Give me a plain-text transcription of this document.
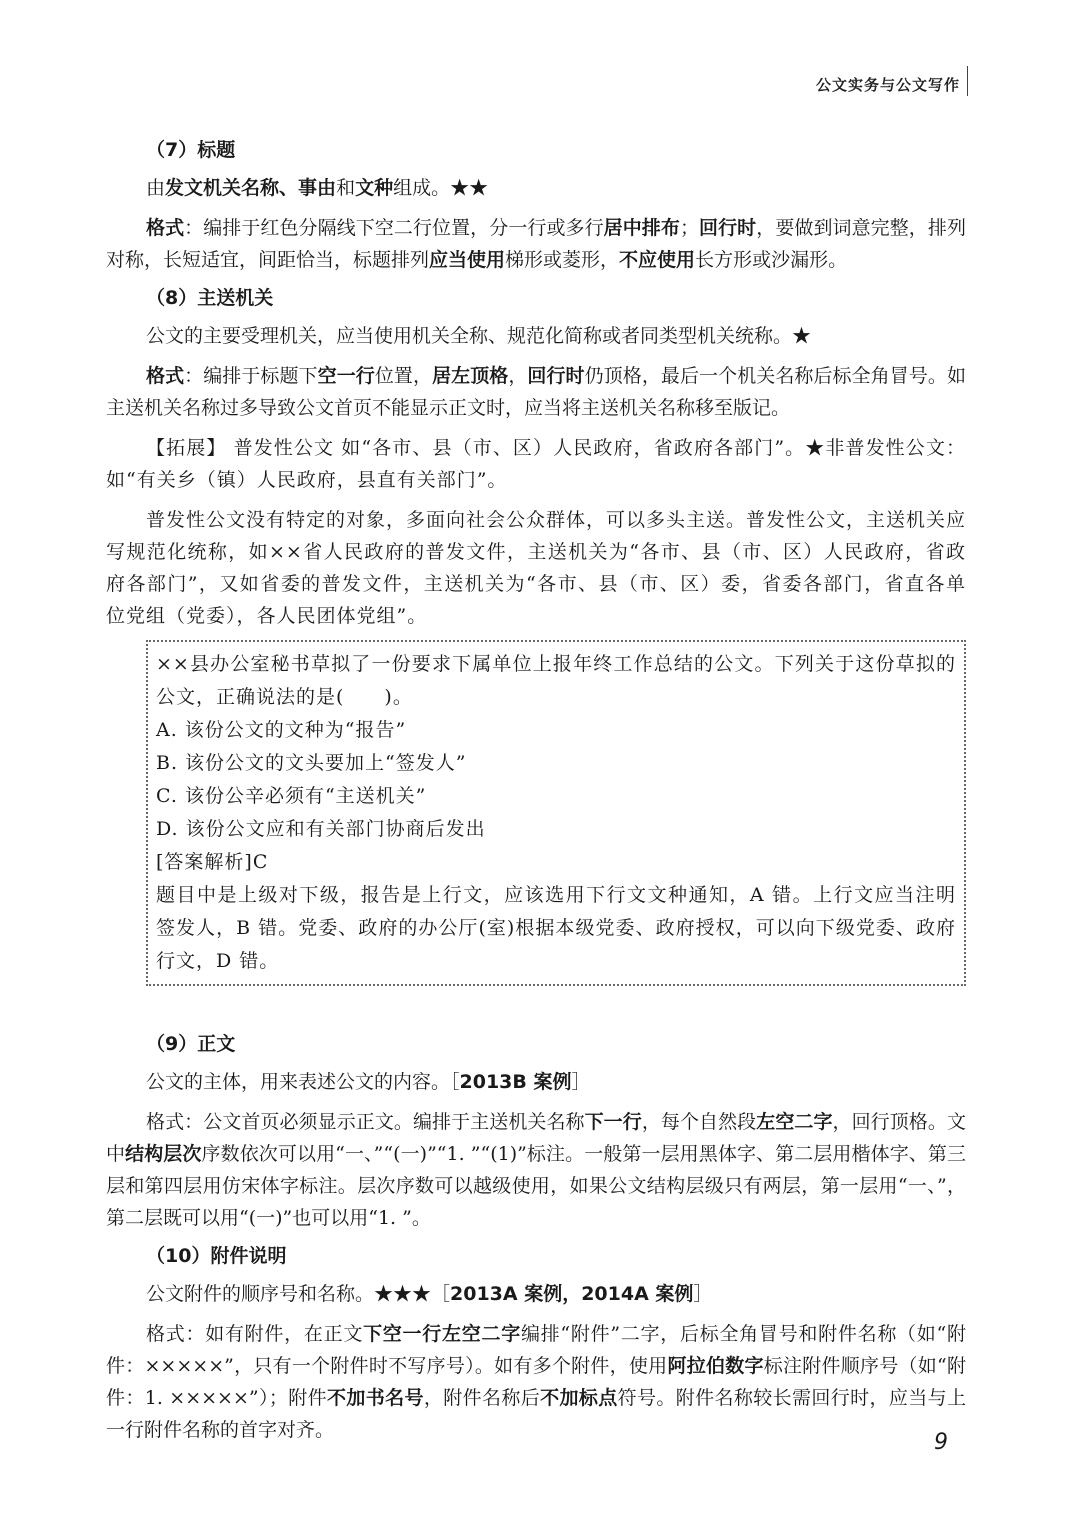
公文实务与公文写作
（7）标题

由发文机关名称、事由和文种组成。★★

格式：编排于红色分隔线下空二行位置，分一行或多行居中排布；回行时，要做到词意完整，排列对称，长短适宜，间距恰当，标题排列应当使用梯形或菱形，不应使用长方形或沙漏形。

（8）主送机关

公文的主要受理机关，应当使用机关全称、规范化简称或者同类型机关统称。★

格式：编排于标题下空一行位置，居左顶格，回行时仍顶格，最后一个机关名称后标全角冒号。如主送机关名称过多导致公文首页不能显示正文时，应当将主送机关名称移至版记。

【拓展】 普发性公文 如“各市、县（市、区）人民政府，省政府各部门”。★非普发性公文：如“有关乡（镇）人民政府，县直有关部门”。

普发性公文没有特定的对象，多面向社会公众群体，可以多头主送。普发性公文，主送机关应写规范化统称，如××省人民政府的普发文件，主送机关为“各市、县（市、区）人民政府，省政府各部门”，又如省委的普发文件，主送机关为“各市、县（市、区）委，省委各部门，省直各单位党组（党委），各人民团体党组”。

××县办公室秘书草拟了一份要求下属单位上报年终工作总结的公文。下列关于这份草拟的公文，正确说法的是(　　)。

A. 该份公文的文种为“报告”

B. 该份公文的文头要加上“签发人”

C. 该份公辛必须有“主送机关”

D. 该份公文应和有关部门协商后发出

[答案解析]C

题目中是上级对下级，报告是上行文，应该选用下行文文种通知，A 错。上行文应当注明签发人，B 错。党委、政府的办公厅(室)根据本级党委、政府授权，可以向下级党委、政府行文，D 错。

（9）正文

公文的主体，用来表述公文的内容。［2013B 案例］

格式：公文首页必须显示正文。编排于主送机关名称下一行，每个自然段左空二字，回行顶格。文中结构层次序数依次可以用“一、”“(一)”“1. ”“(1)”标注。一般第一层用黑体字、第二层用楷体字、第三层和第四层用仿宋体字标注。层次序数可以越级使用，如果公文结构层级只有两层，第一层用“一、”，第二层既可以用“(一)”也可以用“1. ”。

（10）附件说明

公文附件的顺序号和名称。★★★［2013A 案例，2014A 案例］

格式：如有附件，在正文下空一行左空二字编排“附件”二字，后标全角冒号和附件名称（如“附件：×××××”，只有一个附件时不写序号）。如有多个附件，使用阿拉伯数字标注附件顺序号（如“附件：1. ×××××”）；附件不加书名号，附件名称后不加标点符号。附件名称较长需回行时，应当与上一行附件名称的首字对齐。	9
